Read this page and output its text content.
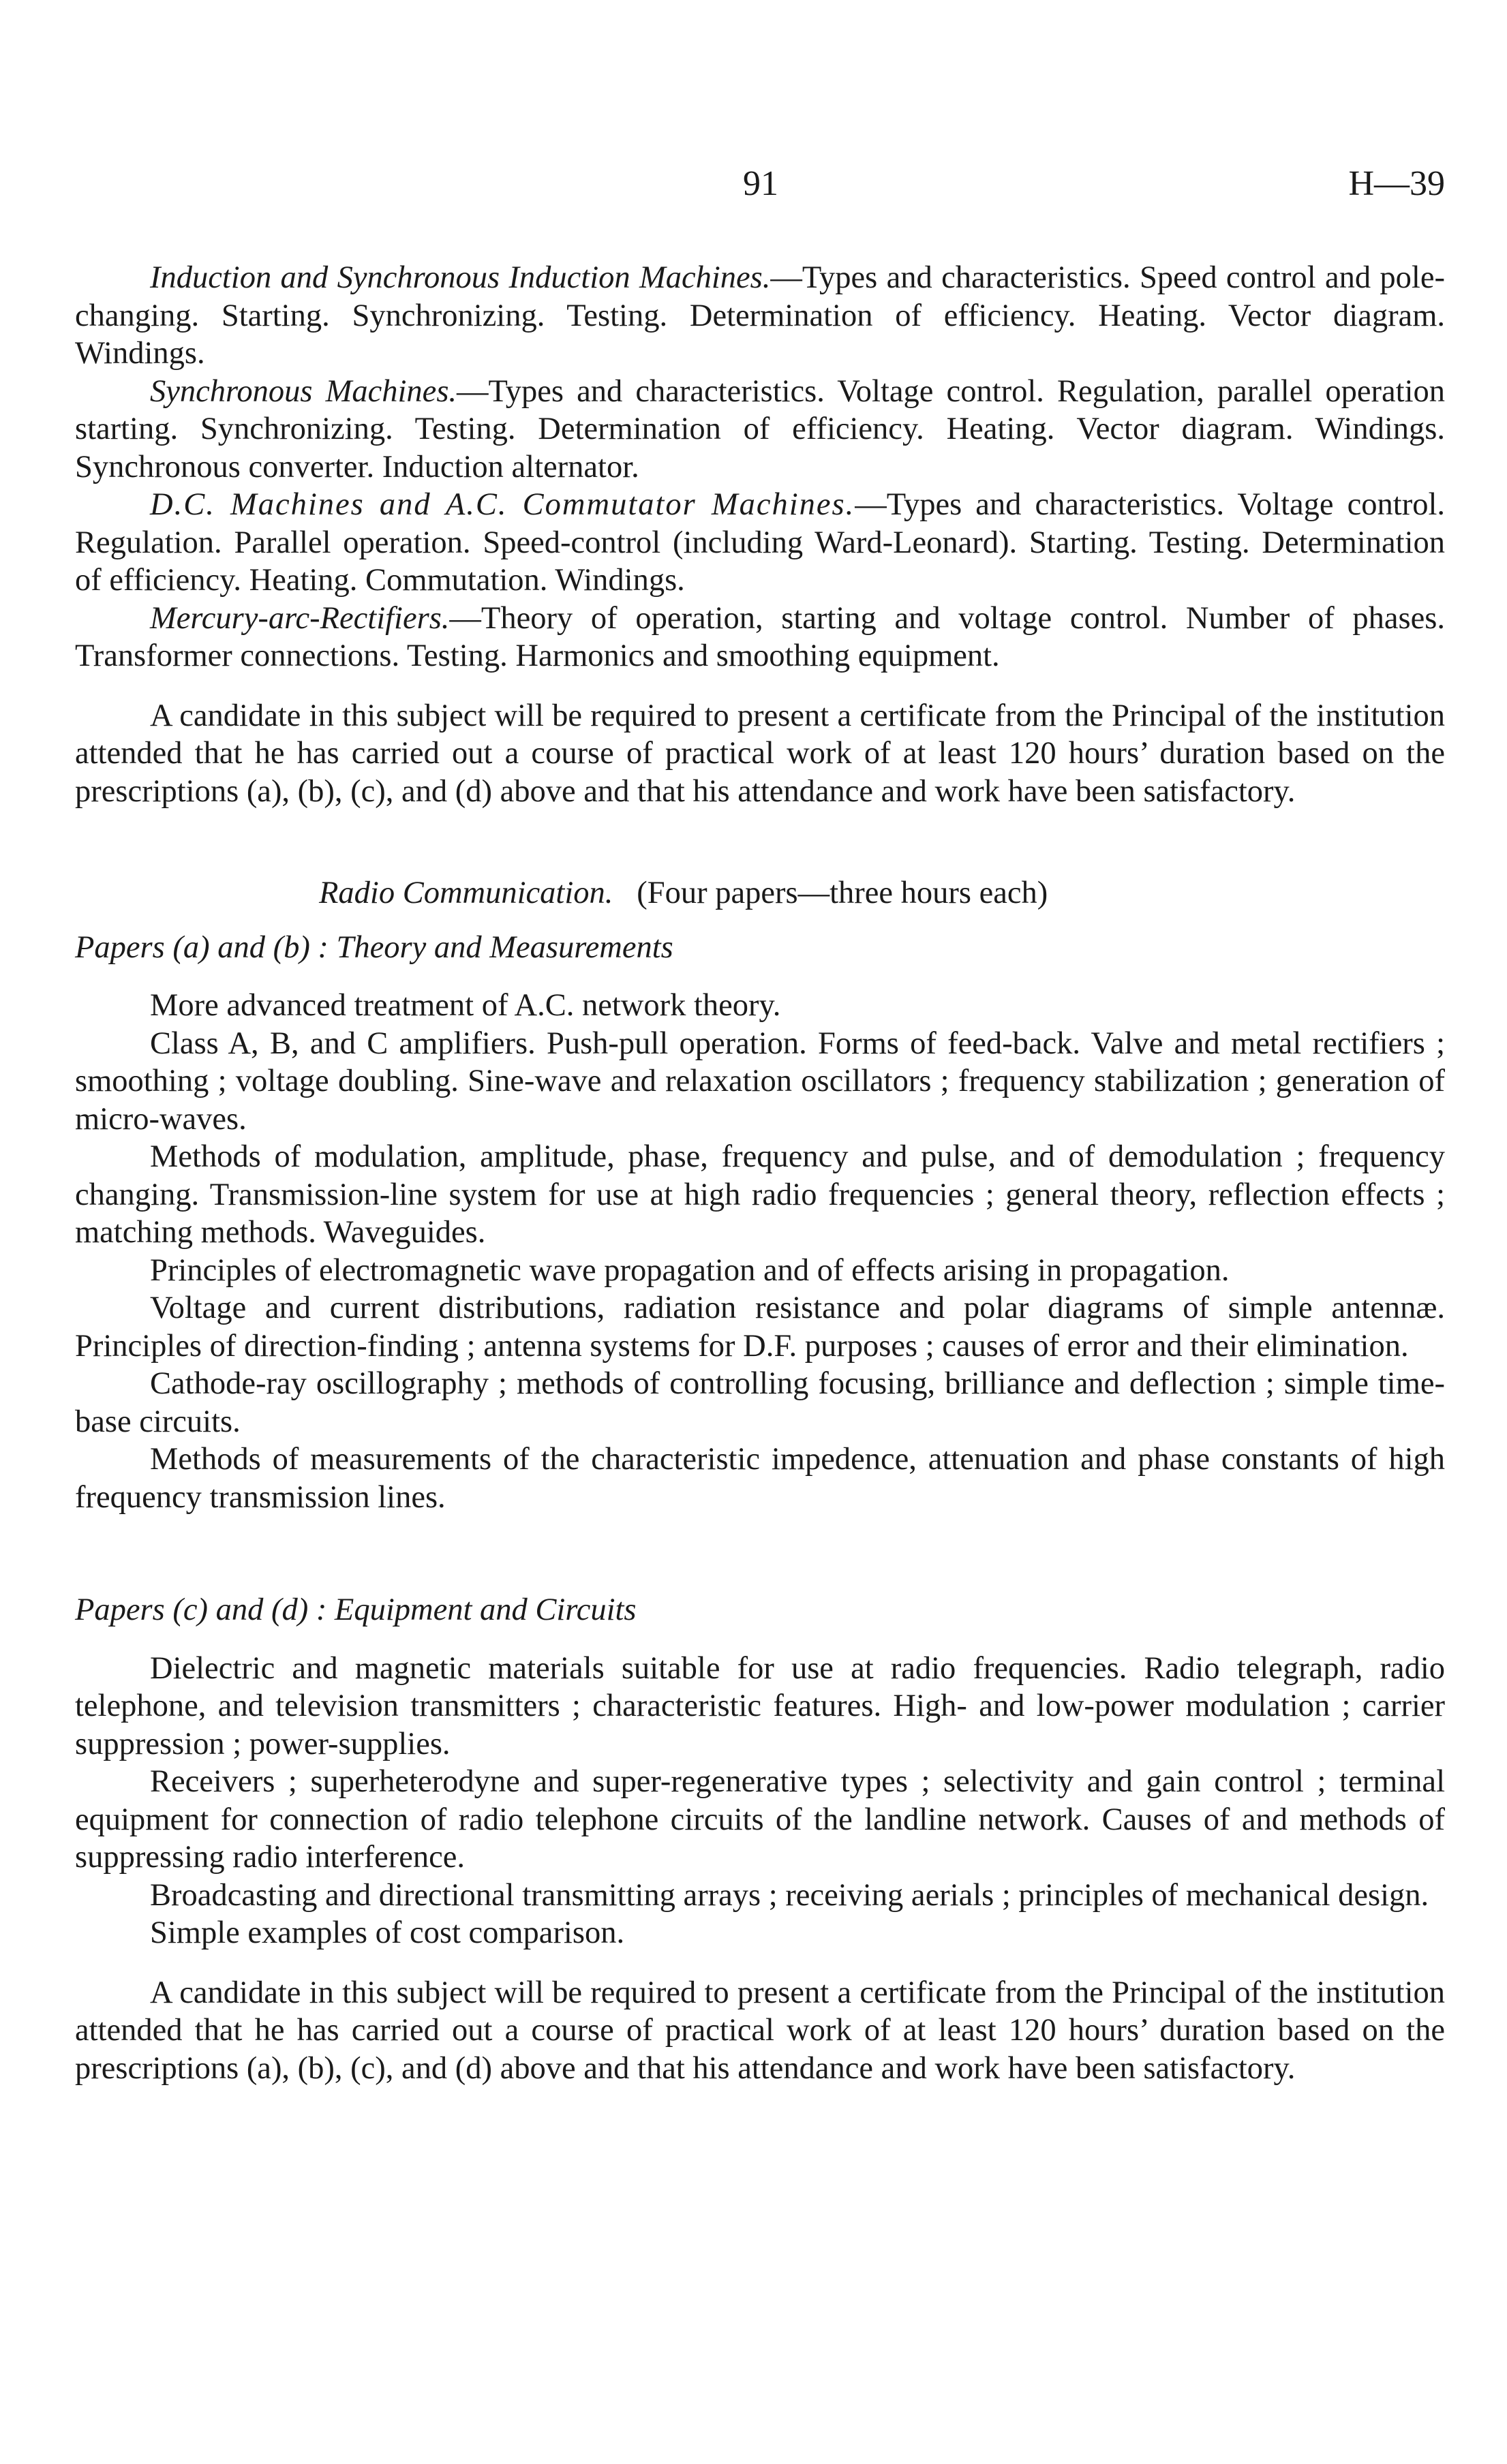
91	H—39

Induction and Synchronous Induction Machines.—Types and characteristics. Speed control and pole-changing. Starting. Synchronizing. Testing. Determination of efficiency. Heating. Vector diagram. Windings.

Synchronous Machines.—Types and characteristics. Voltage control. Regulation, parallel operation starting. Synchronizing. Testing. Determination of efficiency. Heating. Vector diagram. Windings. Synchronous converter. Induction alternator.

D.C. Machines and A.C. Commutator Machines.—Types and characteristics. Voltage control. Regulation. Parallel operation. Speed-control (including Ward-Leonard). Starting. Testing. Determination of efficiency. Heating. Commutation. Windings.

Mercury-arc-Rectifiers.—Theory of operation, starting and voltage control. Number of phases. Transformer connections. Testing. Harmonics and smoothing equipment.

A candidate in this subject will be required to present a certificate from the Principal of the institution attended that he has carried out a course of practical work of at least 120 hours’ duration based on the prescriptions (a), (b), (c), and (d) above and that his attendance and work have been satisfactory.

Radio Communication. (Four papers—three hours each)

Papers (a) and (b) : Theory and Measurements

More advanced treatment of A.C. network theory.

Class A, B, and C amplifiers. Push-pull operation. Forms of feed-back. Valve and metal rectifiers ; smoothing ; voltage doubling. Sine-wave and relaxation oscillators ; frequency stabilization ; generation of micro-waves.

Methods of modulation, amplitude, phase, frequency and pulse, and of demodulation ; frequency changing. Transmission-line system for use at high radio frequencies ; general theory, reflection effects ; matching methods. Waveguides.

Principles of electromagnetic wave propagation and of effects arising in propagation.

Voltage and current distributions, radiation resistance and polar diagrams of simple antennæ. Principles of direction-finding ; antenna systems for D.F. purposes ; causes of error and their elimination.

Cathode-ray oscillography ; methods of controlling focusing, brilliance and deflection ; simple time-base circuits.

Methods of measurements of the characteristic impedence, attenuation and phase constants of high frequency transmission lines.

Papers (c) and (d) : Equipment and Circuits

Dielectric and magnetic materials suitable for use at radio frequencies. Radio telegraph, radio telephone, and television transmitters ; characteristic features. High- and low-power modulation ; carrier suppression ; power-supplies.

Receivers ; superheterodyne and super-regenerative types ; selectivity and gain control ; terminal equipment for connection of radio telephone circuits of the landline network. Causes of and methods of suppressing radio interference.

Broadcasting and directional transmitting arrays ; receiving aerials ; principles of mechanical design.

Simple examples of cost comparison.

A candidate in this subject will be required to present a certificate from the Principal of the institution attended that he has carried out a course of practical work of at least 120 hours’ duration based on the prescriptions (a), (b), (c), and (d) above and that his attendance and work have been satisfactory.
